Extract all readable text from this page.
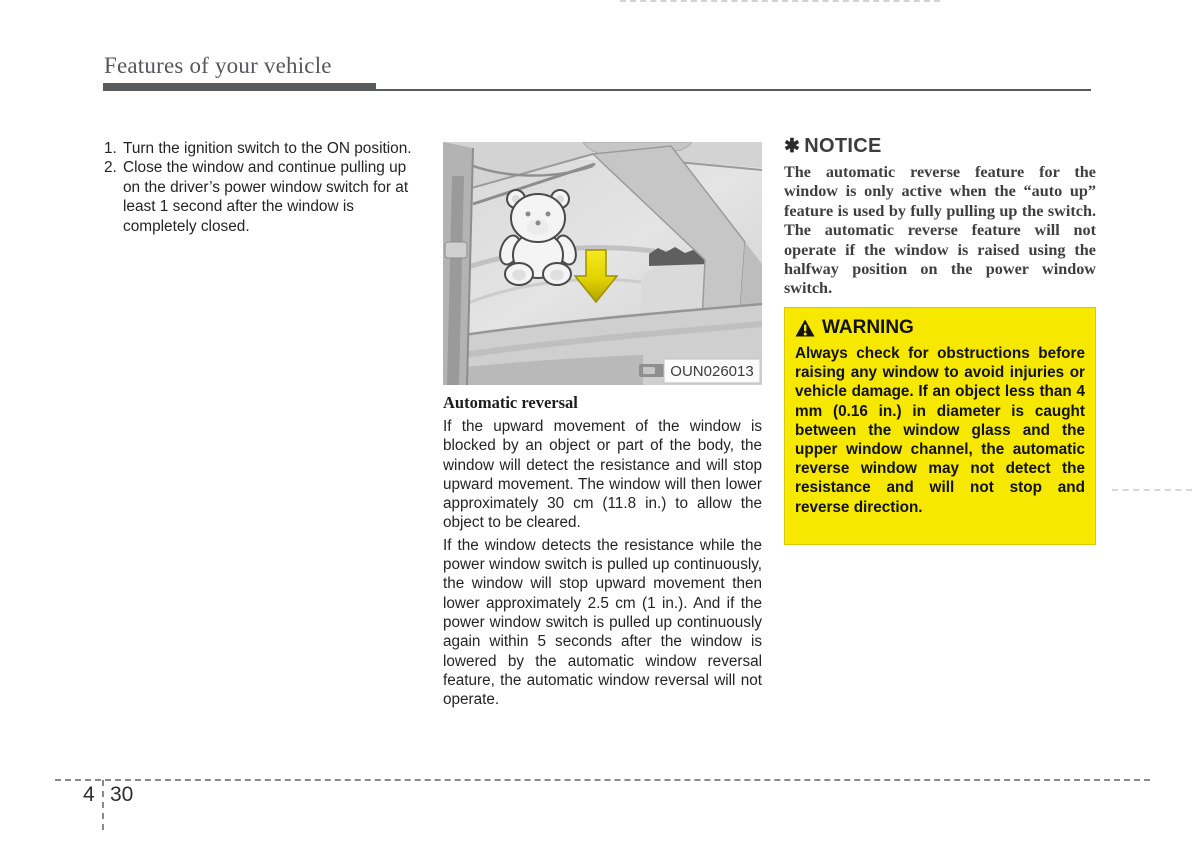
Features of your vehicle
1. Turn the ignition switch to the ON position.
2. Close the window and continue pulling up on the driver’s power window switch for at least 1 second after the window is completely closed.
OUN026013
Automatic reversal

If the upward movement of the window is blocked by an object or part of the body, the window will detect the resistance and will stop upward movement. The window will then lower approximately 30 cm (11.8 in.) to allow the object to be cleared.

If the window detects the resistance while the power window switch is pulled up continuously, the window will stop upward movement then lower approximately 2.5 cm (1 in.). And if the power window switch is pulled up continuously again within 5 seconds after the window is lowered by the automatic window reversal feature, the automatic window reversal will not operate.

✱ NOTICE
The automatic reverse feature for the window is only active when the “auto up” feature is used by fully pulling up the switch. The automatic reverse feature will not operate if the window is raised using the halfway position on the power window switch.
WARNING
Always check for obstructions before raising any window to avoid injuries or vehicle damage. If an object less than 4 mm (0.16 in.) in diameter is caught between the window glass and the upper window channel, the automatic reverse window may not detect the resistance and will not stop and reverse direction.
4 30
